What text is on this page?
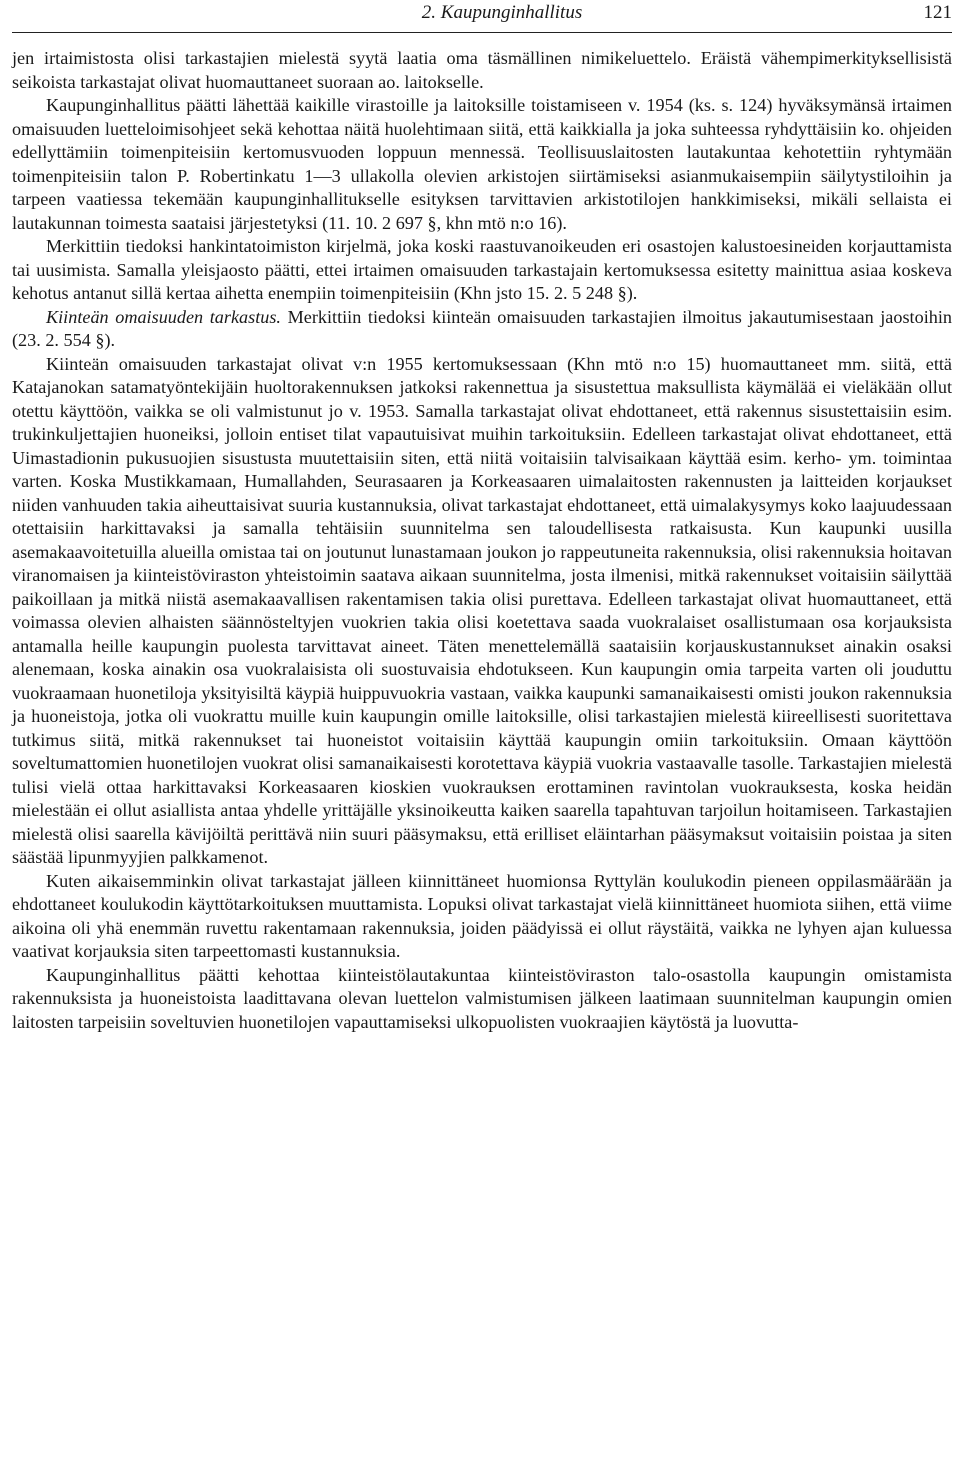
2. Kaupunginhallitus	121

jen irtaimistosta olisi tarkastajien mielestä syytä laatia oma täsmällinen nimikeluettelo. Eräistä vähempimerkityksellisistä seikoista tarkastajat olivat huomauttaneet suoraan ao. laitokselle.

Kaupunginhallitus päätti lähettää kaikille virastoille ja laitoksille toistamiseen v. 1954 (ks. s. 124) hyväksymänsä irtaimen omaisuuden luetteloimisohjeet sekä kehottaa näitä huolehtimaan siitä, että kaikkialla ja joka suhteessa ryhdyttäisiin ko. ohjeiden edellyttämiin toimenpiteisiin kertomusvuoden loppuun mennessä. Teollisuuslaitosten lautakuntaa kehotettiin ryhtymään toimenpiteisiin talon P. Robertinkatu 1—3 ullakolla olevien arkistojen siirtämiseksi asianmukaisempiin säilytystiloihin ja tarpeen vaatiessa tekemään kaupunginhallitukselle esityksen tarvittavien arkistotilojen hankkimiseksi, mikäli sellaista ei lautakunnan toimesta saataisi järjestetyksi (11. 10. 2 697 §, khn mtö n:o 16).

Merkittiin tiedoksi hankintatoimiston kirjelmä, joka koski raastuvanoikeuden eri osastojen kalustoesineiden korjauttamista tai uusimista. Samalla yleisjaosto päätti, ettei irtaimen omaisuuden tarkastajain kertomuksessa esitetty mainittua asiaa koskeva kehotus antanut sillä kertaa aihetta enempiin toimenpiteisiin (Khn jsto 15. 2. 5 248 §).

Kiinteän omaisuuden tarkastus. Merkittiin tiedoksi kiinteän omaisuuden tarkastajien ilmoitus jakautumisestaan jaostoihin (23. 2. 554 §).

Kiinteän omaisuuden tarkastajat olivat v:n 1955 kertomuksessaan (Khn mtö n:o 15) huomauttaneet mm. siitä, että Katajanokan satamatyöntekijäin huoltorakennuksen jatkoksi rakennettua ja sisustettua maksullista käymälää ei vieläkään ollut otettu käyttöön, vaikka se oli valmistunut jo v. 1953. Samalla tarkastajat olivat ehdottaneet, että rakennus sisustettaisiin esim. trukinkuljettajien huoneiksi, jolloin entiset tilat vapautuisivat muihin tarkoituksiin. Edelleen tarkastajat olivat ehdottaneet, että Uimastadionin pukusuojien sisustusta muutettaisiin siten, että niitä voitaisiin talvisaikaan käyttää esim. kerho- ym. toimintaa varten. Koska Mustikkamaan, Humallahden, Seurasaaren ja Korkeasaaren uimalaitosten rakennusten ja laitteiden korjaukset niiden vanhuuden takia aiheuttaisivat suuria kustannuksia, olivat tarkastajat ehdottaneet, että uimalakysymys koko laajuudessaan otettaisiin harkittavaksi ja samalla tehtäisiin suunnitelma sen taloudellisesta ratkaisusta. Kun kaupunki uusilla asemakaavoitetuilla alueilla omistaa tai on joutunut lunastamaan joukon jo rappeutuneita rakennuksia, olisi rakennuksia hoitavan viranomaisen ja kiinteistöviraston yhteistoimin saatava aikaan suunnitelma, josta ilmenisi, mitkä rakennukset voitaisiin säilyttää paikoillaan ja mitkä niistä asemakaavallisen rakentamisen takia olisi purettava. Edelleen tarkastajat olivat huomauttaneet, että voimassa olevien alhaisten säännösteltyjen vuokrien takia olisi koetettava saada vuokralaiset osallistumaan osa korjauksista antamalla heille kaupungin puolesta tarvittavat aineet. Täten menettelemällä saataisiin korjauskustannukset ainakin osaksi alenemaan, koska ainakin osa vuokralaisista oli suostuvaisia ehdotukseen. Kun kaupungin omia tarpeita varten oli jouduttu vuokraamaan huonetiloja yksityisiltä käypiä huippuvuokria vastaan, vaikka kaupunki samanaikaisesti omisti joukon rakennuksia ja huoneistoja, jotka oli vuokrattu muille kuin kaupungin omille laitoksille, olisi tarkastajien mielestä kiireellisesti suoritettava tutkimus siitä, mitkä rakennukset tai huoneistot voitaisiin käyttää kaupungin omiin tarkoituksiin. Omaan käyttöön soveltumattomien huonetilojen vuokrat olisi samanaikaisesti korotettava käypiä vuokria vastaavalle tasolle. Tarkastajien mielestä tulisi vielä ottaa harkittavaksi Korkeasaaren kioskien vuokrauksen erottaminen ravintolan vuokrauksesta, koska heidän mielestään ei ollut asiallista antaa yhdelle yrittäjälle yksinoikeutta kaiken saarella tapahtuvan tarjoilun hoitamiseen. Tarkastajien mielestä olisi saarella kävijöiltä perittävä niin suuri pääsymaksu, että erilliset eläintarhan pääsymaksut voitaisiin poistaa ja siten säästää lipunmyyjien palkkamenot.

Kuten aikaisemminkin olivat tarkastajat jälleen kiinnittäneet huomionsa Ryttylän koulukodin pieneen oppilasmäärään ja ehdottaneet koulukodin käyttötarkoituksen muuttamista. Lopuksi olivat tarkastajat vielä kiinnittäneet huomiota siihen, että viime aikoina oli yhä enemmän ruvettu rakentamaan rakennuksia, joiden päädyissä ei ollut räystäitä, vaikka ne lyhyen ajan kuluessa vaativat korjauksia siten tarpeettomasti kustannuksia.

Kaupunginhallitus päätti kehottaa kiinteistölautakuntaa kiinteistöviraston talo-osastolla kaupungin omistamista rakennuksista ja huoneistoista laadittavana olevan luettelon valmistumisen jälkeen laatimaan suunnitelman kaupungin omien laitosten tarpeisiin soveltuvien huonetilojen vapauttamiseksi ulkopuolisten vuokraajien käytöstä ja luovutta-
